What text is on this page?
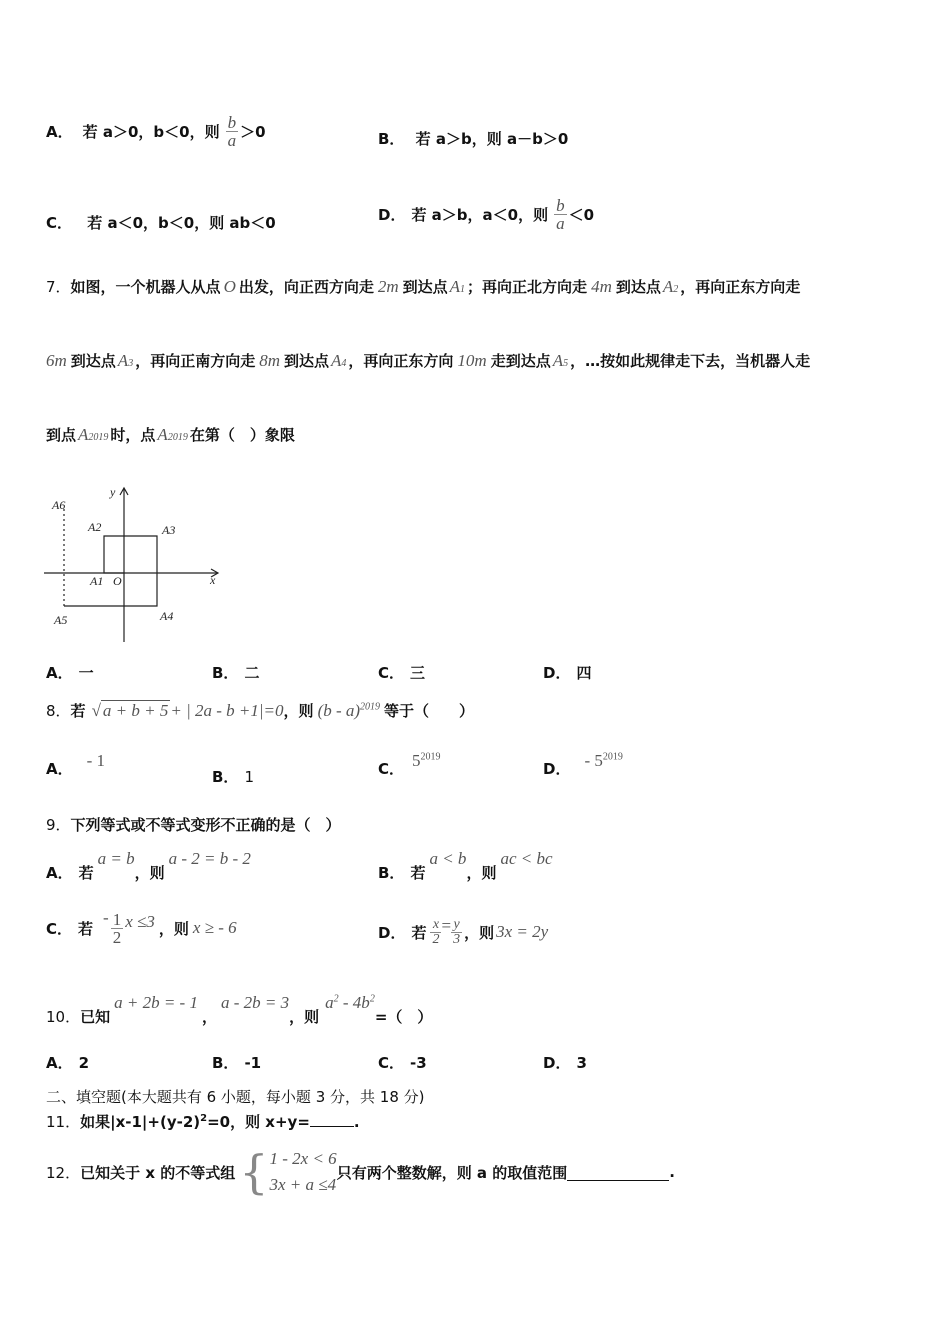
A． 若 a＞0，b＜0，则 $\frac{b}{a} >0$	B． 若 a＞b，则 a－b＞0
C． 若 a＜0，b＜0，则 ab＜0	D． 若 a＞b，a＜0，则 $\frac{b}{a} <0$
7．如图，一个机器人从点 O 出发，向正西方向走 2m 到达点 A1 ；再向正北方向走 4m 到达点 A2 ，再向正东方向走
6m 到达点 A3 ，再向正南方向走 8m 到达点 A4 ，再向正东方向 10m 走到达点 A5 ，…按如此规律走下去，当机器人走
到点 A2019 时，点 A2019 在第（　）象限
y
x
O
A1
A2	A3
A4
A5
A6
A． 一	B． 二	C． 三	D． 四
8．若 √ a + b + 5 + | 2a - b +1|=0，则 (b - a)$^{2019}$ 等于（　　）
A． - 1
B． 1	C． $5^{2019}$
D． - $5^{2019}$
9．下列等式或不等式变形不正确的是（　）
A． 若a = b，则a - 2 = b - 2
B． 若a < b，则ac < bc
C． 若
- $\frac{1}{2}$ x ≤3 ，则 x ≥ - 6	D． 若 $\frac{x}{2} = \frac{y}{3}$ ，则 3x = 2y
10．已知a + 2b = - 1，a - 2b = 3，则$a^2 - 4b^2=$（　）
A． 2	B． -1	C． -3	D． 3
二、填空题(本大题共有 6 小题，每小题 3 分，共 18 分)
11．如果$|x-1|+(y-2)^2=0$，则 x+y=	.
12． 已知关于 x 的不等式组 { 1 - 2x < 6
3x + a ≤4
只有两个整数解，则 a 的取值范围	.
